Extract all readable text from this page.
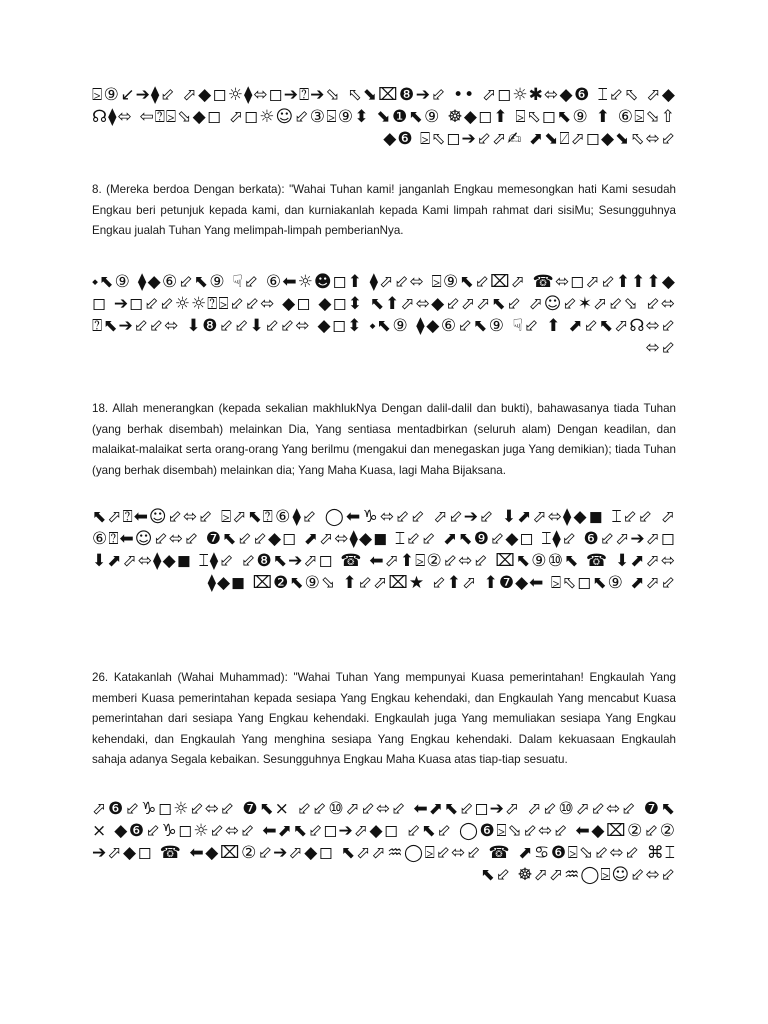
⍄⑨↙➔⧫⬃ ⬀◆◻☼⧫⬄◻➔⍰➔⬂ ⬁⬊⌧❽➔⬃ •• ⬀◻☼✱⬄◆❻ ⌶⬃⬁ ⬀◆☊⧫⬄ ⇦⍰⍄⬂◆◻ ⬀◻☼☺⬃③⍄⑨⬍ ⬊❶⬉⑨ ☸◆◻⬆ ⍄⬁◻⬉⑨ ⬆ ⑥⍄⬂⇧◆❻ ⍄⬁◻➔⬃⬀✍ ⬈⬊⍁⬀◻◆⬊⬁⬄⬃
8. (Mereka berdoa Dengan berkata): "Wahai Tuhan kami! janganlah Engkau memesongkan hati Kami sesudah Engkau beri petunjuk kepada kami, dan kurniakanlah kepada Kami limpah rahmat dari sisiMu; Sesungguhnya Engkau jualah Tuhan Yang melimpah-limpah pemberianNya.
⬩⬉⑨ ⧫◆⑥⬃⬉⑨ ☟⬃ ⑥⬅☼☻◻⬆ ⧫⬀⬃⬄ ⍄⑨⬉⬃⌧⬀ ☎⬄◻⬀⬃⬆⬆⬆◆◻ ➔◻⬃⬃☼☼⍰⍄⬃⬃⬄ ◆◻ ◆◻⬍ ⬉⬆⬀⬄◆⬃⬀⬀⬉⬃ ⬀☺⬃✶⬀⬃⬂ ⬃⬄⍰⬉➔⬃⬃⬄ ⬇❽⬃⬃⬇⬃⬃⬄ ◆◻⬍ ⬩⬉⑨ ⧫◆⑥⬃⬉⑨ ☟⬃ ⬆ ⬈⬃⬉⬀☊⬄⬃⬄⬃
18. Allah menerangkan (kepada sekalian makhlukNya Dengan dalil-dalil dan bukti), bahawasanya tiada Tuhan (yang berhak disembah) melainkan Dia, Yang sentiasa mentadbirkan (seluruh alam) Dengan keadilan, dan malaikat-malaikat serta orang-orang Yang berilmu (mengakui dan menegaskan juga Yang demikian); tiada Tuhan (yang berhak disembah) melainkan dia; Yang Maha Kuasa, lagi Maha Bijaksana.
⬉⬀⍰⬅☺⬃⬄⬃ ⍄⬀⬉⍰⑥⧫⬃ ◯⬅♑⬄⬃⬃ ⬀⬃➔⬃ ⬇⬈⬀⬄⧫◆◼ ⌶⬃⬃ ⬀⑥⍰⬅☺⬃⬄⬃ ❼⬉⬃⬃◆◻ ⬈⬀⬄⧫◆◼ ⌶⬃⬃ ⬈⬉❾⬃◆◻ ⌶⧫⬃ ❻⬃⬀➔⬀◻ ⬇⬈⬀⬄⧫◆◼ ⌶⧫⬃ ⬃❽⬉➔⬀◻ ☎ ⬅⬀⬆⍄②⬃⬄⬃ ⌧⬉⑨⑩⬉ ☎ ⬇⬈⬀⬄⧫◆◼ ⌧❷⬉⑨⬂ ⬆⬃⬀⌧★ ⬃⬆⬀ ⬆❼◆⬅ ⍄⬁◻⬉⑨ ⬈⬀⬃
26. Katakanlah (Wahai Muhammad): "Wahai Tuhan Yang mempunyai Kuasa pemerintahan! Engkaulah Yang memberi Kuasa pemerintahan kepada sesiapa Yang Engkau kehendaki, dan Engkaulah Yang mencabut Kuasa pemerintahan dari sesiapa Yang Engkau kehendaki. Engkaulah juga Yang memuliakan sesiapa Yang Engkau kehendaki, dan Engkaulah Yang menghina sesiapa Yang Engkau kehendaki. Dalam kekuasaan Engkaulah sahaja adanya Segala kebaikan. Sesungguhnya Engkau Maha Kuasa atas tiap-tiap sesuatu.
⬀❻⬃♑◻☼⬃⬄⬃ ❼⬉× ⬃⬃⑩⬀⬃⬄⬃ ⬅⬈⬉⬃◻➔⬀ ⬀⬃⑩⬀⬃⬄⬃ ❼⬉× ◆❻⬃♑◻☼⬃⬄⬃ ⬅⬈⬉⬃◻➔⬀◆◻ ⬃⬉⬃ ◯❻⍄⬂⬃⬄⬃ ⬅◆⌧②⬃②➔⬀◆◻ ☎ ⬅◆⌧②⬃➔⬀◆◻ ⬉⬀⬀♒◯⍄⬃⬄⬃ ☎ ⬈♋❻⍄⬂⬃⬄⬃ ⌘⌶⬉⬃ ☸⬀⬀♒◯⍄☺⬃⬄⬃
